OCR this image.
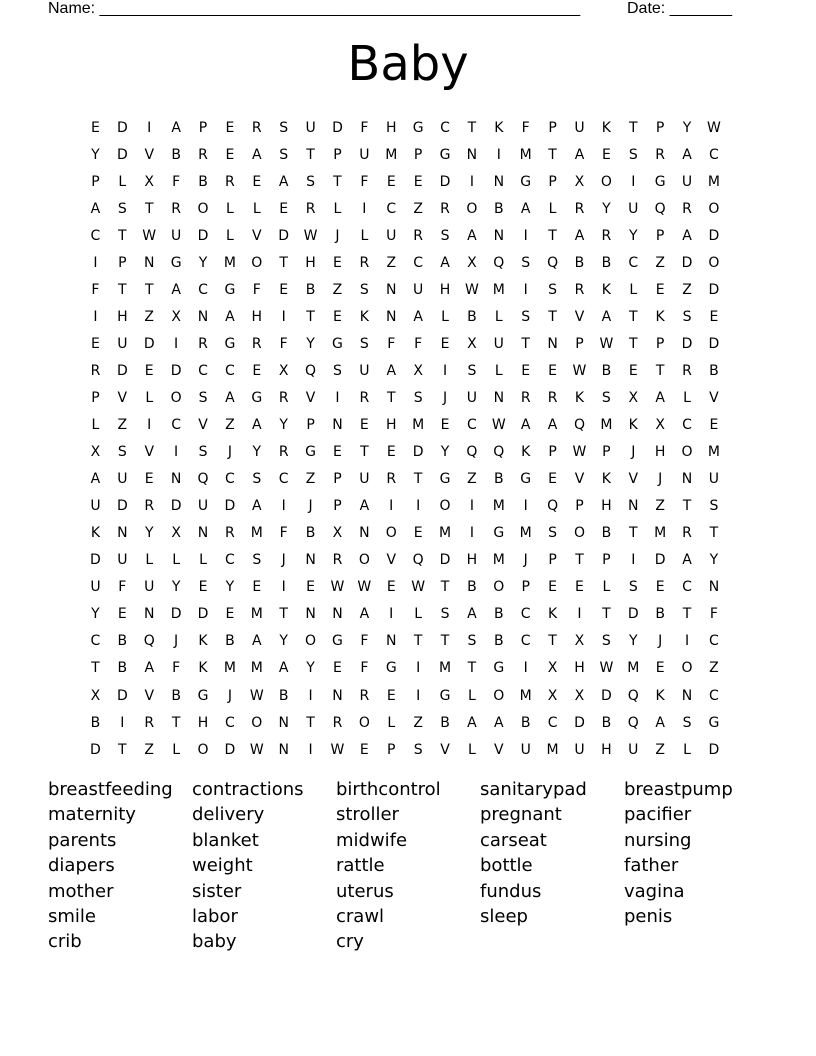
Name: ______________________________________________________	Date: _______
Baby
E	D	I	A	P	E	R	S	U	D	F	H	G	C	T	K	F	P	U	K	T	P	Y	W
Y	D	V	B	R	E	A	S	T	P	U	M	P	G	N	I	M	T	A	E	S	R	A	C
P	L	X	F	B	R	E	A	S	T	F	E	E	D	I	N	G	P	X	O	I	G	U	M
A	S	T	R	O	L	L	E	R	L	I	C	Z	R	O	B	A	L	R	Y	U	Q	R	O
C	T	W	U	D	L	V	D	W	J	L	U	R	S	A	N	I	T	A	R	Y	P	A	D
I	P	N	G	Y	M	O	T	H	E	R	Z	C	A	X	Q	S	Q	B	B	C	Z	D	O
F	T	T	A	C	G	F	E	B	Z	S	N	U	H	W M	I	S	R	K	L	E	Z	D
I	H	Z	X	N	A	H	I	T	E	K	N	A	L	B	L	S	T	V	A	T	K	S	E
E	U	D	I	R	G	R	F	Y	G	S	F	F	E	X	U	T	N	P	W	T	P	D	D
R	D	E	D	C	C	E	X	Q	S	U	A	X	I	S	L	E	E	W	B	E	T	R	B
P	V	L	O	S	A	G	R	V	I	R	T	S	J	U	N	R	R	K	S	X	A	L	V
L	Z	I	C	V	Z	A	Y	P	N	E	H	M	E	C	W	A	A	Q	M	K	X	C	E
X	S	V	I	S	J	Y	R	G	E	T	E	D	Y	Q	Q	K	P	W	P	J	H	O	M
A	U	E	N	Q	C	S	C	Z	P	U	R	T	G	Z	B	G	E	V	K	V	J	N	U
U	D	R	D	U	D	A	I	J	P	A	I	I	O	I	M	I	Q	P	H	N	Z	T	S
K	N	Y	X	N	R	M	F	B	X	N	O	E	M	I	G	M	S	O	B	T	M	R	T
D	U	L	L	L	C	S	J	N	R	O	V	Q	D	H	M	J	P	T	P	I	D	A	Y
U	F	U	Y	E	Y	E	I	E	W W	E	W	T	B	O	P	E	E	L	S	E	C	N
Y	E	N	D	D	E	M	T	N	N	A	I	L	S	A	B	C	K	I	T	D	B	T	F
C	B	Q	J	K	B	A	Y	O	G	F	N	T	T	S	B	C	T	X	S	Y	J	I	C
T	B	A	F	K	M	M	A	Y	E	F	G	I	M	T	G	I	X	H	W M	E	O	Z
X	D	V	B	G	J	W	B	I	N	R	E	I	G	L	O	M	X	X	D	Q	K	N	C
B	I	R	T	H	C	O	N	T	R	O	L	Z	B	A	A	B	C	D	B	Q	A	S	G
D	T	Z	L	O	D	W	N	I	W	E	P	S	V	L	V	U	M	U	H	U	Z	L	D
breastfeeding	contractions	birthcontrol	sanitarypad	breastpump
maternity	delivery	stroller	pregnant	pacifier
parents	blanket	midwife	carseat	nursing
diapers	weight	rattle	bottle	father
mother	sister	uterus	fundus	vagina
smile	labor	crawl	sleep	penis
crib	baby	cry
